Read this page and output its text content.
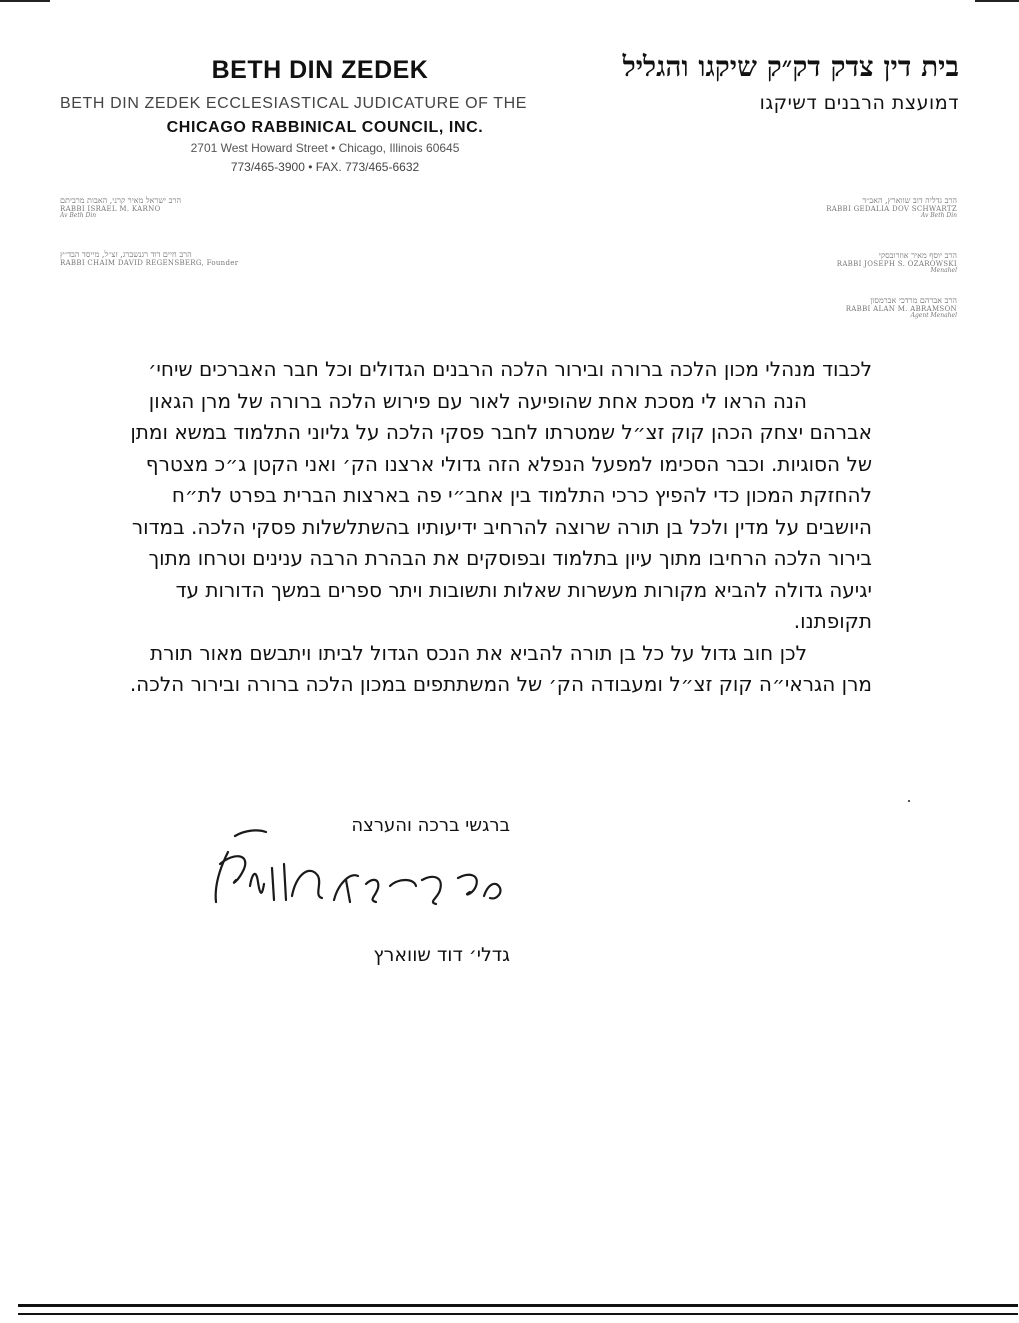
BETH DIN ZEDEK
BETH DIN ZEDEK ECCLESIASTICAL JUDICATURE OF THE
CHICAGO RABBINICAL COUNCIL, INC.
2701 West Howard Street • Chicago, Illinois 60645
773/465-3900 • FAX. 773/465-6632
בית דין צדק דק״ק שיקגו והגליל
דמועצת הרבנים דשיקגו
הרב ישראל מאיר קרני, האבות מרביתם
RABBI ISRAEL M. KARNO
Av Beth Din
הרב חיים דוד רגנשברג, זצ״ל, מייסד הבד״ץ
RABBI CHAIM DAVID REGENSBERG, Founder
הרב גדליה דוב שווארץ, האב״ד
RABBI GEDALIA DOV SCHWARTZ
Av Beth Din
הרב יוסף מאיר אוזרובסקי
RABBI JOSEPH S. OZAROWSKI
Menahel
הרב אברהם מרדכי אברמסון
RABBI ALAN M. ABRAMSON
Agent Menahel

לכבוד מנהלי מכון הלכה ברורה ובירור הלכה הרבנים הגדולים וכל חבר האברכים שיחי׳

הנה הראו לי מסכת אחת שהופיעה לאור עם פירוש הלכה ברורה של מרן הגאון אברהם יצחק הכהן קוק זצ״ל שמטרתו לחבר פסקי הלכה על גליוני התלמוד במשא ומתן של הסוגיות. וכבר הסכימו למפעל הנפלא הזה גדולי ארצנו הק׳ ואני הקטן ג״כ מצטרף להחזקת המכון כדי להפיץ כרכי התלמוד בין אחב״י פה בארצות הברית בפרט לת״ח היושבים על מדין ולכל בן תורה שרוצה להרחיב ידיעותיו בהשתלשלות פסקי הלכה. במדור בירור הלכה הרחיבו מתוך עיון בתלמוד ובפוסקים את הבהרת הרבה ענינים וטרחו מתוך יגיעה גדולה להביא מקורות מעשרות שאלות ותשובות ויתר ספרים במשך הדורות עד תקופתנו.

לכן חוב גדול על כל בן תורה להביא את הנכס הגדול לביתו ויתבשם מאור תורת מרן הגראי״ה קוק זצ״ל ומעבודה הק׳ של המשתתפים במכון הלכה ברורה ובירור הלכה.

ברגשי ברכה והערצה
גדלי׳ דוד שווארץ
